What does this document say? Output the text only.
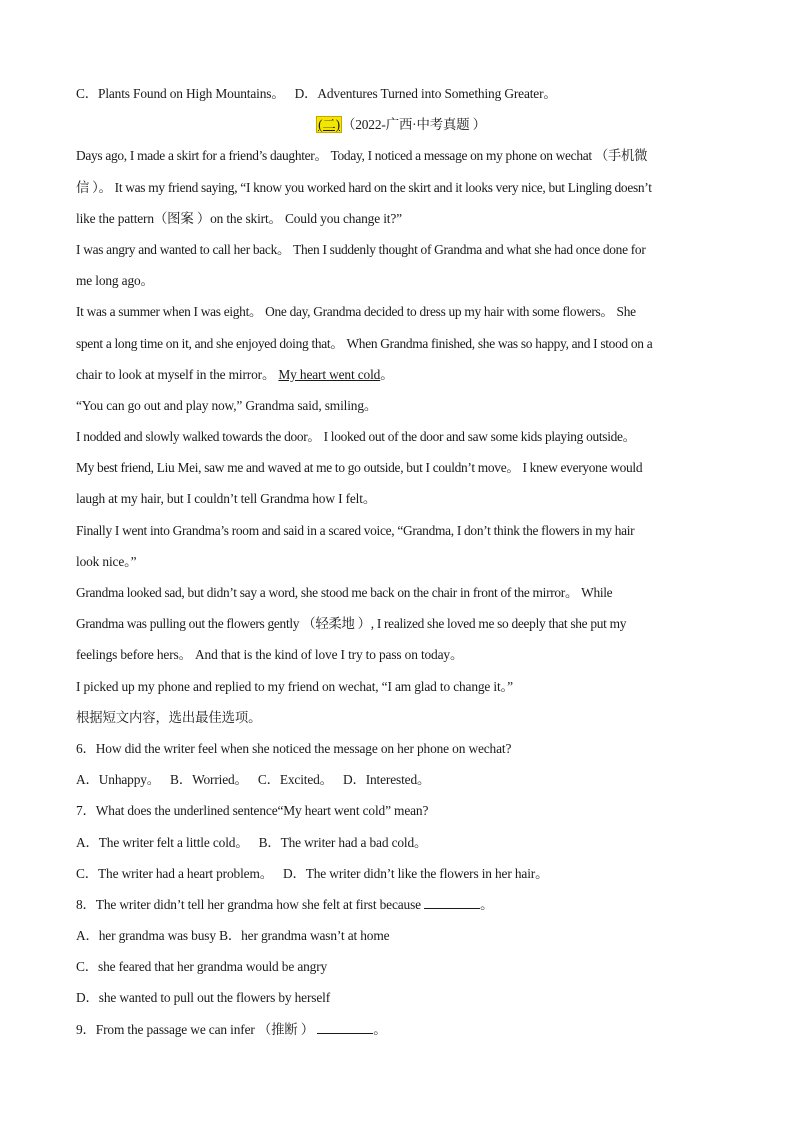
C．Plants Found on High Mountains。 D．Adventures Turned into Something Greater。
(二) （2022-广西·中考真题 ）
Days ago, I made a skirt for a friend’s daughter。 Today, I noticed a message on my phone on wechat （手机微
信 ）。 It was my friend saying, “I know you worked hard on the skirt and it looks very nice, but Lingling doesn’t
like the pattern（图案 ）on the skirt。 Could you change it?”
I was angry and wanted to call her back。 Then I suddenly thought of Grandma and what she had once done for
me long ago。
It was a summer when I was eight。 One day, Grandma decided to dress up my hair with some flowers。 She
spent a long time on it, and she enjoyed doing that。 When Grandma finished, she was so happy, and I stood on a
chair to look at myself in the mirror。 My heart went cold。
“You can go out and play now,” Grandma said, smiling。
I nodded and slowly walked towards the door。 I looked out of the door and saw some kids playing outside。
My best friend, Liu Mei, saw me and waved at me to go outside, but I couldn’t move。 I knew everyone would
laugh at my hair, but I couldn’t tell Grandma how I felt。
Finally I went into Grandma’s room and said in a scared voice, “Grandma, I don’t think the flowers in my hair
look nice。”
Grandma looked sad, but didn’t say a word, she stood me back on the chair in front of the mirror。 While
Grandma was pulling out the flowers gently （轻柔地 ）, I realized she loved me so deeply that she put my
feelings before hers。 And that is the kind of love I try to pass on today。
I picked up my phone and replied to my friend on wechat, “I am glad to change it。”
根据短文内容，选出最佳选项。
6．How did the writer feel when she noticed the message on her phone on wechat?
A．Unhappy。 B．Worried。 C．Excited。 D．Interested。
7．What does the underlined sentence“My heart went cold” mean?
A．The writer felt a little cold。 B．The writer had a bad cold。
C．The writer had a heart problem。 D．The writer didn’t like the flowers in her hair。
8．The writer didn’t tell her grandma how she felt at first because	。
A．her grandma was busy B．her grandma wasn’t at home
C．she feared that her grandma would be angry
D．she wanted to pull out the flowers by herself
9．From the passage we can infer （推断 ）	。
